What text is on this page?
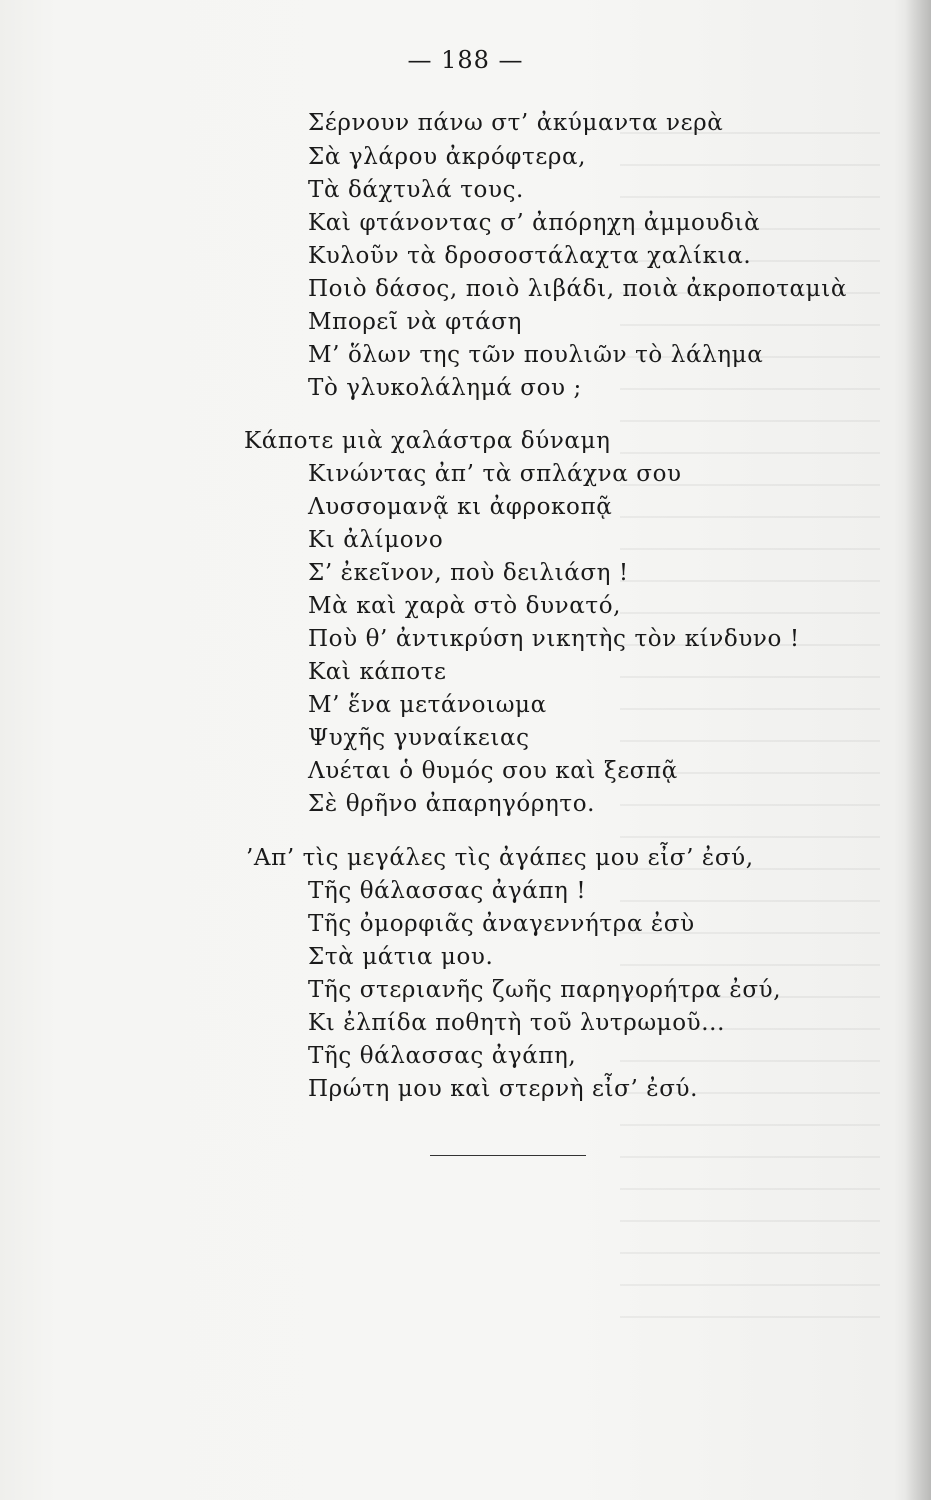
— 188 —
Σέρνουν πάνω στ’ ἀκύμαντα νερὰ
Σὰ γλάρου ἀκρόφτερα,
Τὰ δάχτυλά τους.
Καὶ φτάνοντας σ’ ἀπόρηχη ἀμμουδιὰ
Κυλοῦν τὰ δροσοστάλαχτα χαλίκια.
Ποιὸ δάσος, ποιὸ λιβάδι, ποιὰ ἀκροποταμιὰ
Μπορεῖ νὰ φτάση
Μ’ ὅλων της τῶν πουλιῶν τὸ λάλημα
Τὸ γλυκολάλημά σου ;
Κάποτε μιὰ χαλάστρα δύναμη
Κινώντας ἀπ’ τὰ σπλάχνα σου
Λυσσομανᾷ κι ἀφροκοπᾷ
Κι ἀλίμονο
Σ’ ἐκεῖνον, ποὺ δειλιάση !
Μὰ καὶ χαρὰ στὸ δυνατό,
Ποὺ θ’ ἀντικρύση νικητὴς τὸν κίνδυνο !
Καὶ κάποτε
Μ’ ἕνα μετάνοιωμα
Ψυχῆς γυναίκειας
Λυέται ὁ θυμός σου καὶ ξεσπᾷ
Σὲ θρῆνο ἀπαρηγόρητο.
’Απ’ τὶς μεγάλες τὶς ἀγάπες μου εἶσ’ ἐσύ,
Τῆς θάλασσας ἀγάπη !
Τῆς ὀμορφιᾶς ἀναγεννήτρα ἐσὺ
Στὰ μάτια μου.
Τῆς στεριανῆς ζωῆς παρηγορήτρα ἐσύ,
Κι ἐλπίδα ποθητὴ τοῦ λυτρωμοῦ...
Τῆς θάλασσας ἀγάπη,
Πρώτη μου καὶ στερνὴ εἶσ’ ἐσύ.
